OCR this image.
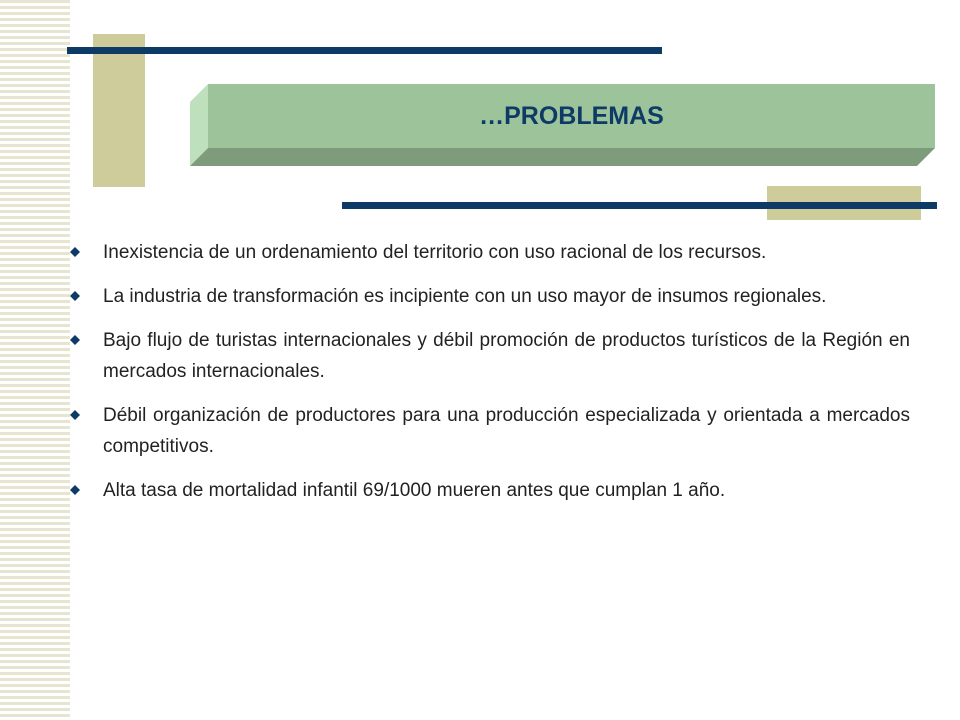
…PROBLEMAS
Inexistencia de un ordenamiento del territorio con uso racional de los recursos.
La industria de transformación es incipiente con un uso mayor de insumos regionales.
Bajo flujo de turistas internacionales y débil promoción de productos turísticos de la Región en mercados internacionales.
Débil organización de productores para una producción especializada y orientada a mercados competitivos.
Alta tasa de mortalidad infantil 69/1000 mueren antes que cumplan 1 año.
